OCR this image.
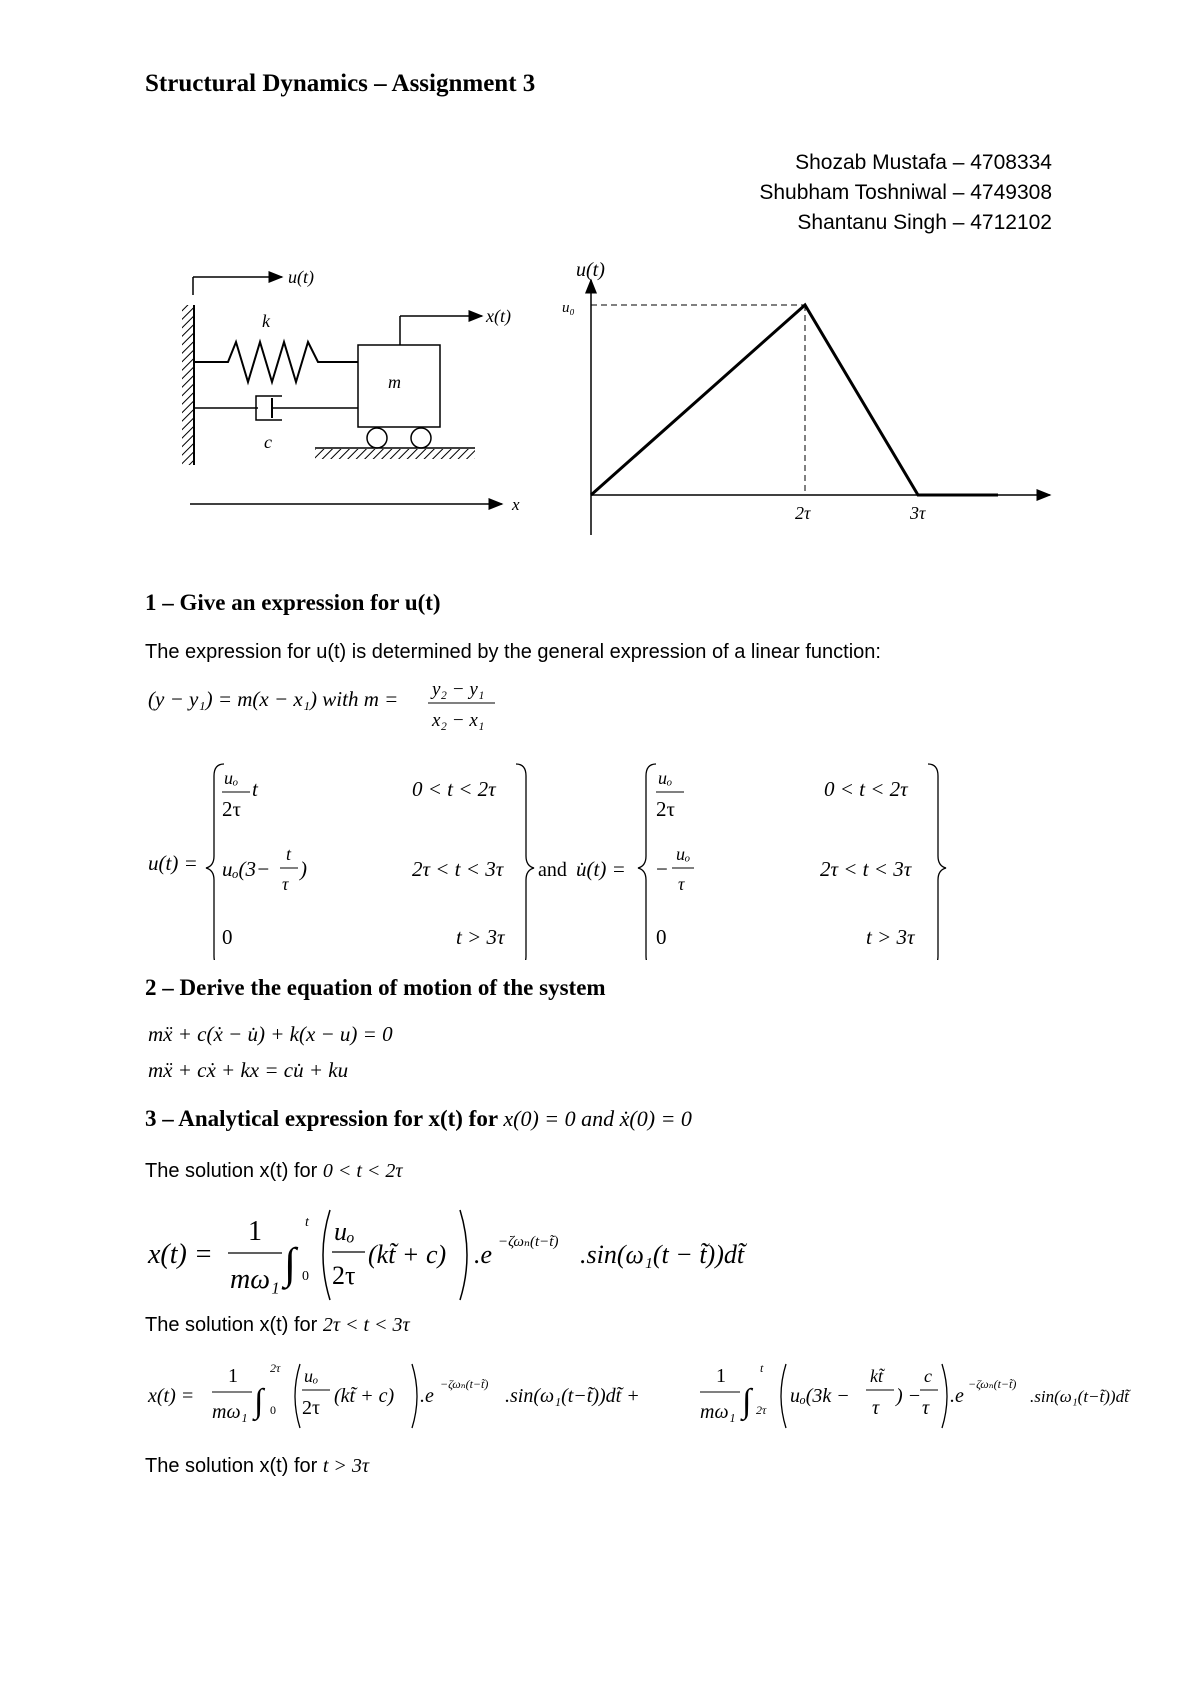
Structural Dynamics – Assignment 3
Shozab Mustafa – 4708334
Shubham Toshniwal – 4749308
Shantanu Singh – 4712102
u(t)
k
c
m
x(t)
x
u(t)
u₀
2τ	3τ
1 – Give an expression for u(t)
The expression for u(t) is determined by the general expression of a linear function:
(y − y₁) = m(x − x₁) with m = y₂ − y₁
x₂ − x₁
u(t) =
uₒ
2τ
t	0 < t < 2τ
uₒ(3−
t
τ
)	2τ < t < 3τ
0	t > 3τ
and u̇(t) =
uₒ
2τ
0 < t < 2τ
−
uₒ
τ
2τ < t < 3τ
0	t > 3τ
2 – Derive the equation of motion of the system
mẍ + c(ẋ − u̇) + k(x − u) = 0
mẍ + cẋ + kx = cu̇ + ku
3 – Analytical expression for x(t) for x(0) = 0 and ẋ(0) = 0
The solution x(t) for 0 < t < 2τ
x(t) =
1
mω₁ ∫
t
0
uₒ
2τ
(kt̃ + c) .e −ζωₙ(t−t̃) .sin(ω₁(t − t̃))dt̃
The solution x(t) for 2τ < t < 3τ
x(t) =
1
mω₁ ∫
2τ
0
uₒ
2τ
(kt̃ + c) .e
−ζωₙ(t−t̃)
.sin(ω₁(t−t̃))dt̃ +
1
mω₁ ∫
t
2τ
uₒ(3k −
kt̃
τ
) −
c
τ
.e
−ζωₙ(t−t̃)
.sin(ω₁(t−t̃))dt̃
The solution x(t) for t > 3τ
